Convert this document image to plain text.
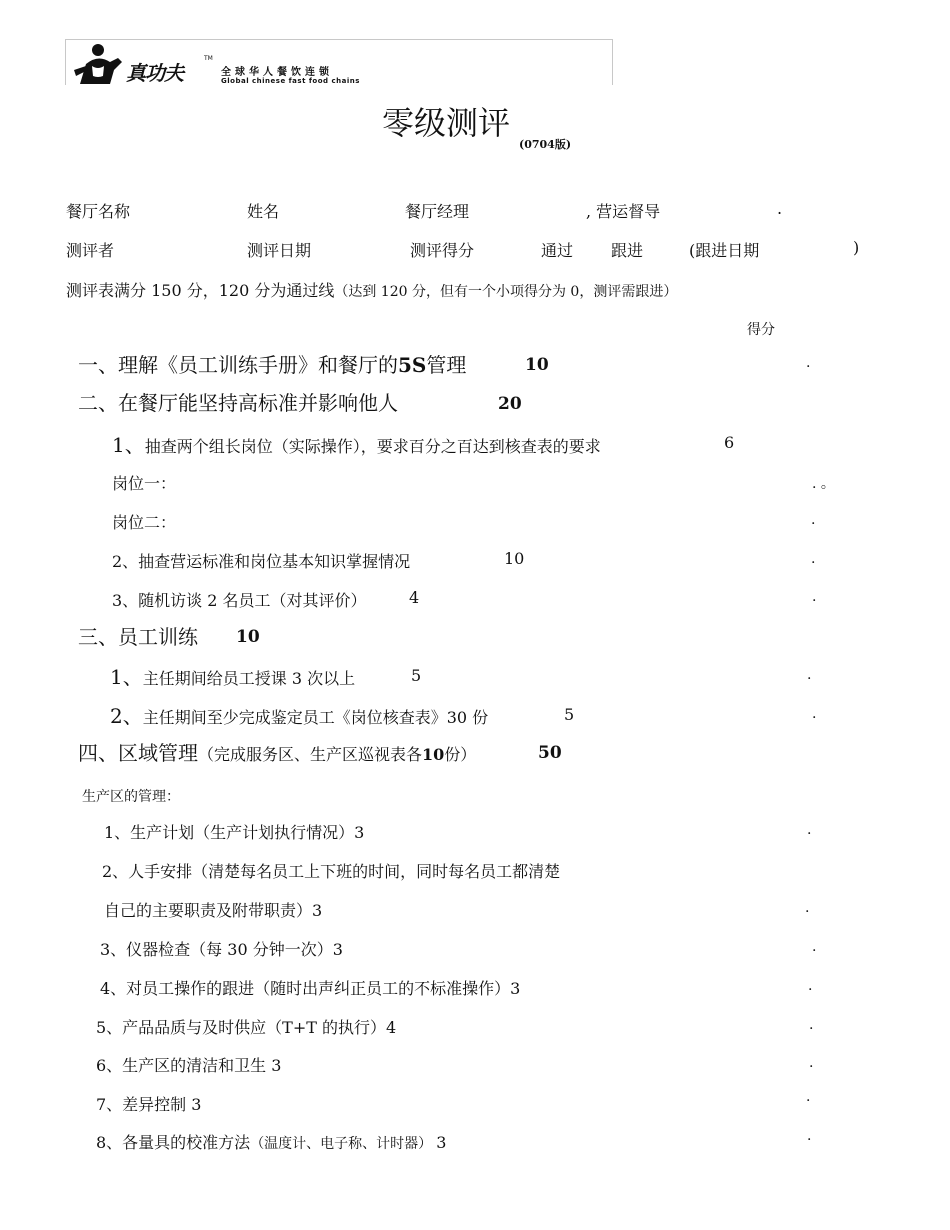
真功夫
TM
全球华人餐饮连锁
Global chinese fast food chains
零级测评
(0704版)
餐厅名称	姓名	餐厅经理	, 营运督导	.
测评者	测评日期	测评得分	通过 跟进	(跟进日期	)
测评表满分 150 分，120 分为通过线（达到 120 分，但有一个小项得分为 0，测评需跟进）
得分
一、理解《员工训练手册》和餐厅的5S管理	10	.
二、在餐厅能坚持高标准并影响他人	20
1、抽查两个组长岗位（实际操作），要求百分之百达到核查表的要求	6
岗位一：	. 。
岗位二：	.
2、抽查营运标准和岗位基本知识掌握情况	10	.
3、随机访谈 2 名员工（对其评价）	4	.
三、员工训练 10
1、主任期间给员工授课 3 次以上	5	.
2、主任期间至少完成鉴定员工《岗位核查表》30 份	5	.
四、区域管理（完成服务区、生产区巡视表各10份）	50
生产区的管理：
1、生产计划（生产计划执行情况）3	.
2、人手安排（清楚每名员工上下班的时间，同时每名员工都清楚
自己的主要职责及附带职责）3	.
3、仪器检查（每 30 分钟一次）3	.
4、对员工操作的跟进（随时出声纠正员工的不标准操作）3	.
5、产品品质与及时供应（T+T 的执行）4	.
6、生产区的清洁和卫生 3	.
7、差异控制 3	·
8、各量具的校准方法（温度计、电子称、计时器） 3	·
